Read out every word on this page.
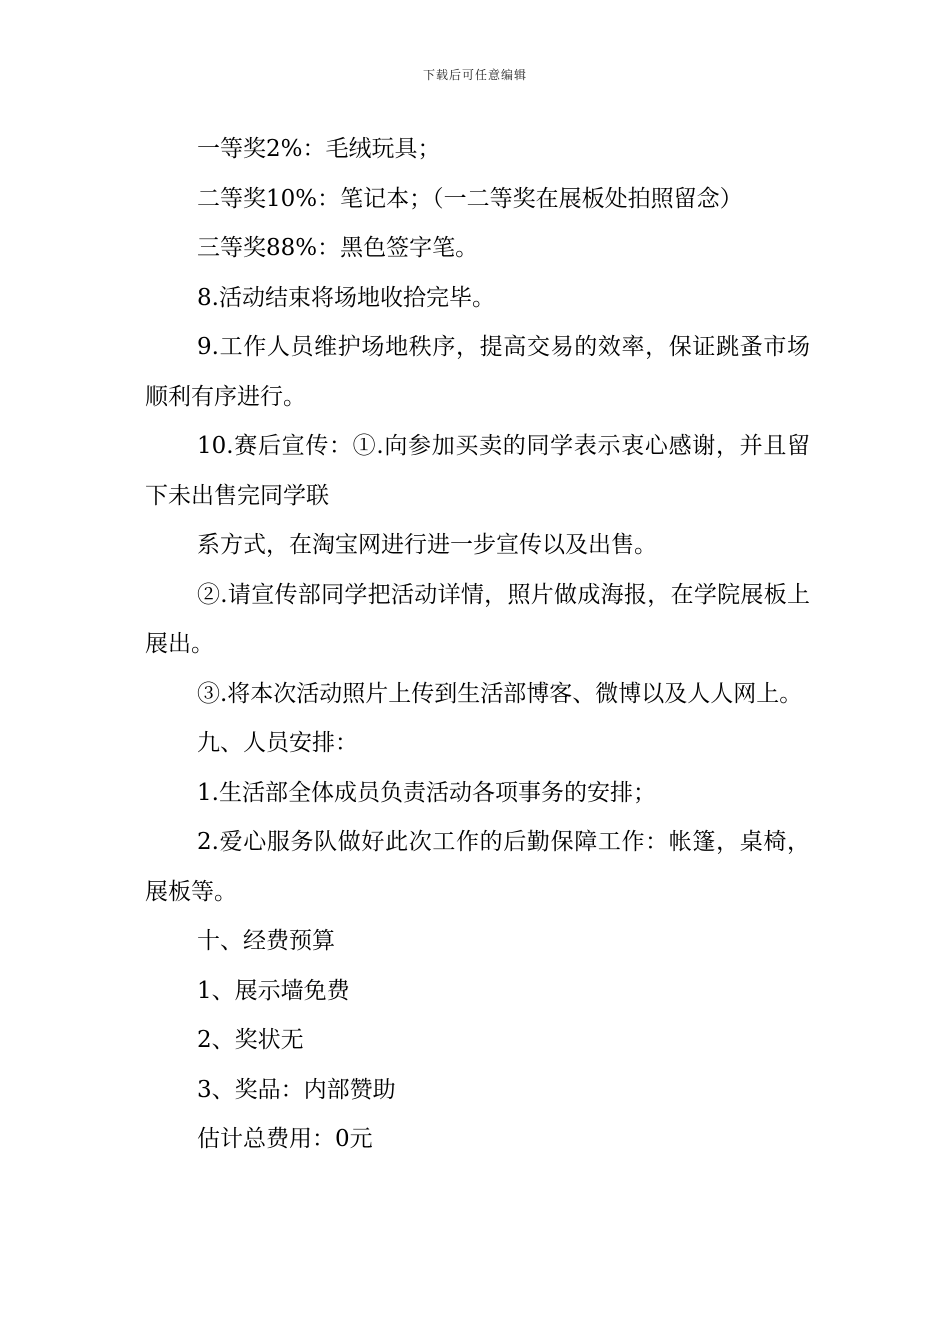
下载后可任意编辑

一等奖2%：毛绒玩具；

二等奖10%：笔记本；（一二等奖在展板处拍照留念）

三等奖88%：黑色签字笔。

8.活动结束将场地收拾完毕。

9.工作人员维护场地秩序，提高交易的效率，保证跳蚤市场顺利有序进行。

10.赛后宣传：①.向参加买卖的同学表示衷心感谢，并且留下未出售完同学联

系方式，在淘宝网进行进一步宣传以及出售。

②.请宣传部同学把活动详情，照片做成海报，在学院展板上展出。

③.将本次活动照片上传到生活部博客、微博以及人人网上。

九、人员安排：

1.生活部全体成员负责活动各项事务的安排；

2.爱心服务队做好此次工作的后勤保障工作：帐篷，桌椅，展板等。

十、经费预算

1、展示墙免费

2、奖状无

3、奖品：内部赞助

估计总费用：0元
